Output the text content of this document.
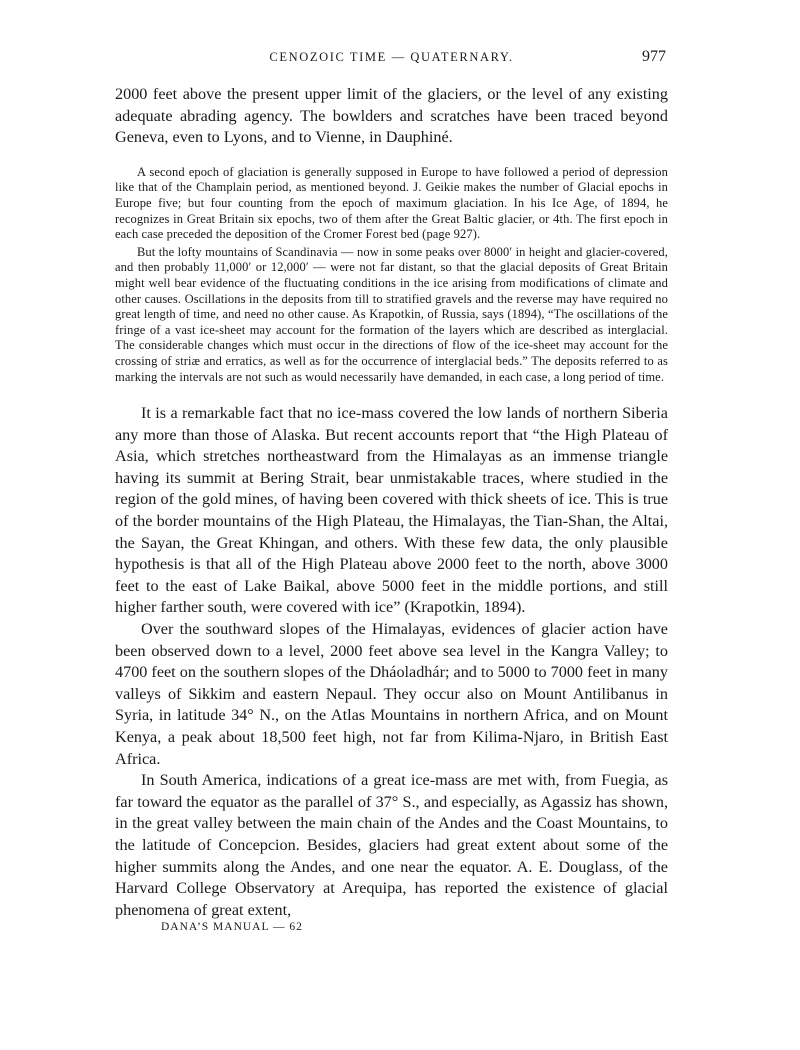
CENOZOIC TIME — QUATERNARY.	977

2000 feet above the present upper limit of the glaciers, or the level of any existing adequate abrading agency. The bowlders and scratches have been traced beyond Geneva, even to Lyons, and to Vienne, in Dauphiné.

A second epoch of glaciation is generally supposed in Europe to have followed a period of depression like that of the Champlain period, as mentioned beyond. J. Geikie makes the number of Glacial epochs in Europe five; but four counting from the epoch of maximum glaciation. In his Ice Age, of 1894, he recognizes in Great Britain six epochs, two of them after the Great Baltic glacier, or 4th. The first epoch in each case preceded the deposition of the Cromer Forest bed (page 927).

But the lofty mountains of Scandinavia — now in some peaks over 8000′ in height and glacier-covered, and then probably 11,000′ or 12,000′ — were not far distant, so that the glacial deposits of Great Britain might well bear evidence of the fluctuating conditions in the ice arising from modifications of climate and other causes. Oscillations in the deposits from till to stratified gravels and the reverse may have required no great length of time, and need no other cause. As Krapotkin, of Russia, says (1894), “The oscillations of the fringe of a vast ice-sheet may account for the formation of the layers which are described as interglacial. The considerable changes which must occur in the directions of flow of the ice-sheet may account for the crossing of striæ and erratics, as well as for the occurrence of interglacial beds.” The deposits referred to as marking the intervals are not such as would necessarily have demanded, in each case, a long period of time.

It is a remarkable fact that no ice-mass covered the low lands of northern Siberia any more than those of Alaska. But recent accounts report that “the High Plateau of Asia, which stretches northeastward from the Himalayas as an immense triangle having its summit at Bering Strait, bear unmistakable traces, where studied in the region of the gold mines, of having been covered with thick sheets of ice. This is true of the border mountains of the High Plateau, the Himalayas, the Tian-Shan, the Altai, the Sayan, the Great Khingan, and others. With these few data, the only plausible hypothesis is that all of the High Plateau above 2000 feet to the north, above 3000 feet to the east of Lake Baikal, above 5000 feet in the middle portions, and still higher farther south, were covered with ice” (Krapotkin, 1894).

Over the southward slopes of the Himalayas, evidences of glacier action have been observed down to a level, 2000 feet above sea level in the Kangra Valley; to 4700 feet on the southern slopes of the Dháoladhár; and to 5000 to 7000 feet in many valleys of Sikkim and eastern Nepaul. They occur also on Mount Antilibanus in Syria, in latitude 34° N., on the Atlas Mountains in northern Africa, and on Mount Kenya, a peak about 18,500 feet high, not far from Kilima-Njaro, in British East Africa.

In South America, indications of a great ice-mass are met with, from Fuegia, as far toward the equator as the parallel of 37° S., and especially, as Agassiz has shown, in the great valley between the main chain of the Andes and the Coast Mountains, to the latitude of Concepcion. Besides, glaciers had great extent about some of the higher summits along the Andes, and one near the equator. A. E. Douglass, of the Harvard College Observatory at Arequipa, has reported the existence of glacial phenomena of great extent,

DANA’S MANUAL — 62
